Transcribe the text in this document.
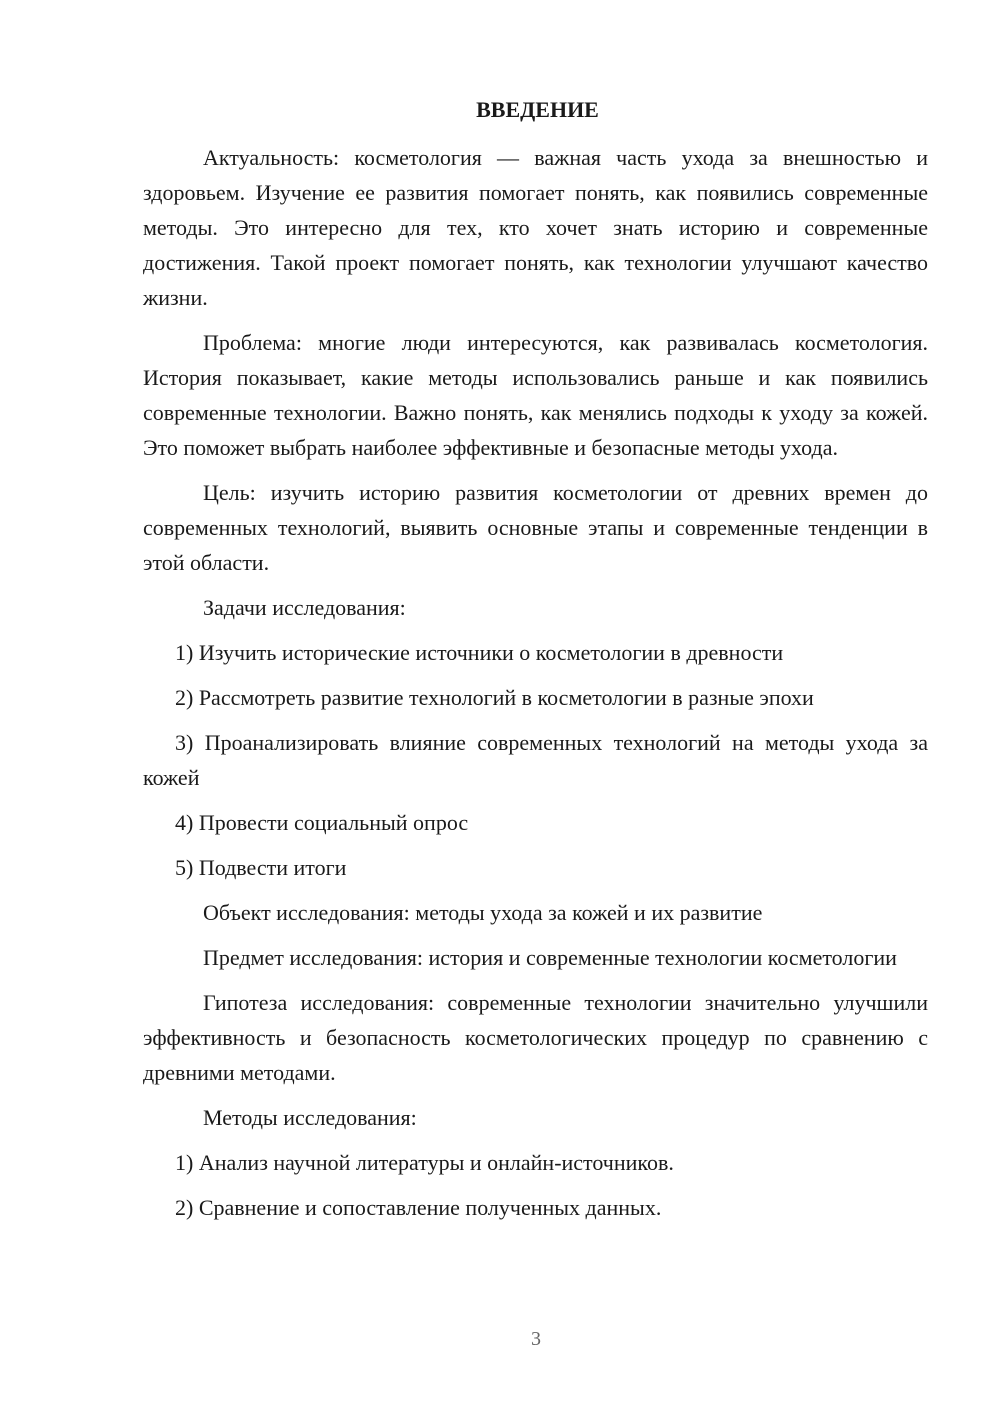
ВВЕДЕНИЕ

Актуальность: косметология — важная часть ухода за внешностью и здоровьем. Изучение ее развития помогает понять, как появились современные методы. Это интересно для тех, кто хочет знать историю и современные достижения. Такой проект помогает понять, как технологии улучшают качество жизни.

Проблема: многие люди интересуются, как развивалась косметология. История показывает, какие методы использовались раньше и как появились современные технологии. Важно понять, как менялись подходы к уходу за кожей. Это поможет выбрать наиболее эффективные и безопасные методы ухода.

Цель: изучить историю развития косметологии от древних времен до современных технологий, выявить основные этапы и современные тенденции в этой области.

Задачи исследования:

1) Изучить исторические источники о косметологии в древности

2) Рассмотреть развитие технологий в косметологии в разные эпохи

3) Проанализировать влияние современных технологий на методы ухода за кожей

4) Провести социальный опрос

5) Подвести итоги

Объект исследования: методы ухода за кожей и их развитие

Предмет исследования: история и современные технологии косметологии

Гипотеза исследования: современные технологии значительно улучшили эффективность и безопасность косметологических процедур по сравнению с древними методами.

Методы исследования:

1) Анализ научной литературы и онлайн-источников.

2) Сравнение и сопоставление полученных данных.

3
